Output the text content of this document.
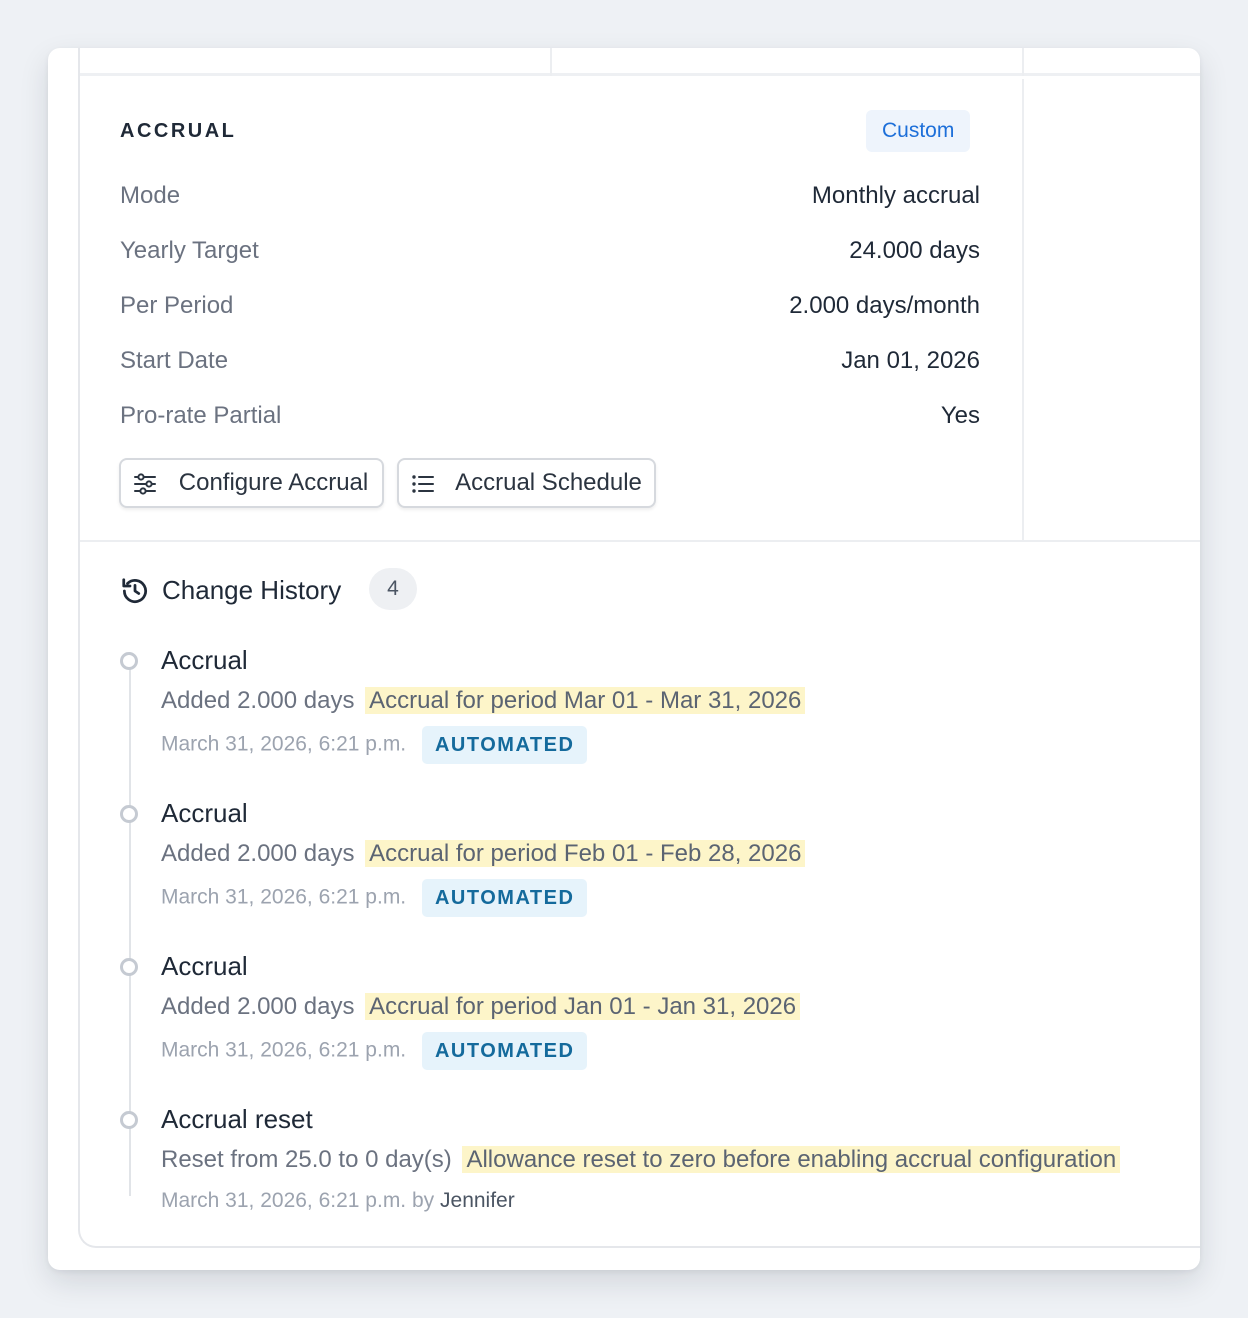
ACCRUAL	Custom
Mode	Monthly accrual
Yearly Target	24.000 days
Per Period	2.000 days/month
Start Date	Jan 01, 2026
Pro-rate Partial	Yes
Configure Accrual	Accrual Schedule
Change History	4
Accrual
Added 2.000 days Accrual for period Mar 01 - Mar 31, 2026
March 31, 2026, 6:21 p.m. AUTOMATED
Accrual
Added 2.000 days Accrual for period Feb 01 - Feb 28, 2026
March 31, 2026, 6:21 p.m. AUTOMATED
Accrual
Added 2.000 days Accrual for period Jan 01 - Jan 31, 2026
March 31, 2026, 6:21 p.m. AUTOMATED
Accrual reset
Reset from 25.0 to 0 day(s) Allowance reset to zero before enabling accrual configuration
March 31, 2026, 6:21 p.m. by Jennifer
